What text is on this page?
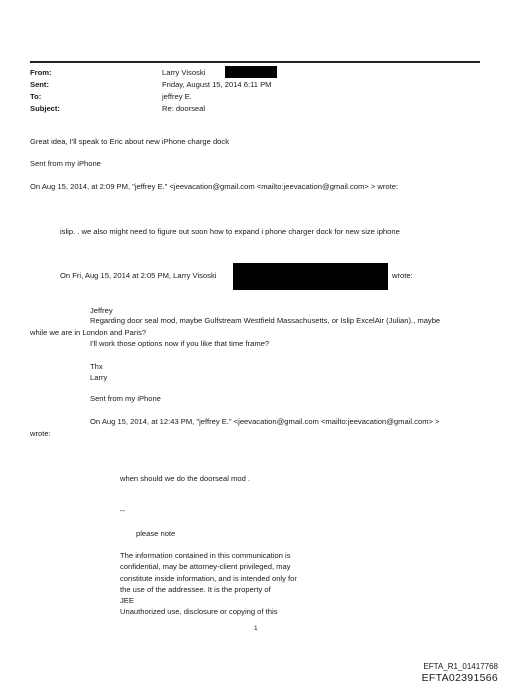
From:	Larry Visoski
Sent:	Friday, August 15, 2014 6:11 PM
To:	jeffrey E.
Subject:	Re: doorseal
Great idea, I'll speak to Eric about new iPhone charge dock
Sent from my iPhone
On Aug 15, 2014, at 2:09 PM, "jeffrey E." <jeevacation@gmail.com <mailto:jeevacation@gmail.com> > wrote:
islip. . we also might need to figure out soon how to expand i phone charger dock for new size iphone
On Fri, Aug 15, 2014 at 2:05 PM, Larry Visoski	wrote:
Jeffrey
Regarding door seal mod, maybe Gulfstream Westfield Massachusetts, or Islip ExcelAir (Julian)., maybe
while we are in London and Paris?
I'll work those options now if you like that time frame?
Thx
Larry
Sent from my iPhone
On Aug 15, 2014, at 12:43 PM, "jeffrey E." <jeevacation@gmail.com <mailto:jeevacation@gmail.com> >
wrote:
when should we do the doorseal mod .
--
please note
The information contained in this communication is
confidential, may be attorney-client privileged, may
constitute inside information, and is intended only for
the use of the addressee. It is the property of
JEE
Unauthorized use, disclosure or copying of this
1
EFTA_R1_01417768
EFTA02391566
